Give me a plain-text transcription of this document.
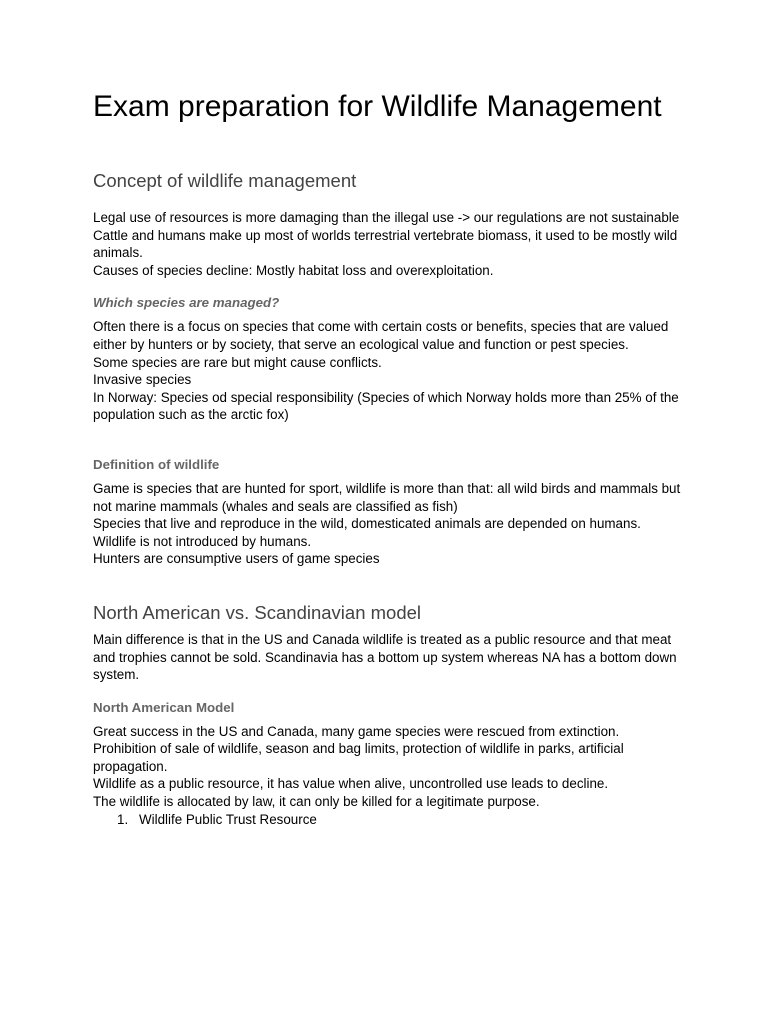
Exam preparation for Wildlife Management
Concept of wildlife management

Legal use of resources is more damaging than the illegal use -> our regulations are not sustainable

Cattle and humans make up most of worlds terrestrial vertebrate biomass, it used to be mostly wild animals.

Causes of species decline: Mostly habitat loss and overexploitation.

Which species are managed?

Often there is a focus on species that come with certain costs or benefits, species that are valued either by hunters or by society, that serve an ecological value and function or pest species.

Some species are rare but might cause conflicts.

Invasive species

In Norway: Species od special responsibility (Species of which Norway holds more than 25% of the population such as the arctic fox)

Definition of wildlife

Game is species that are hunted for sport, wildlife is more than that: all wild birds and mammals but not marine mammals (whales and seals are classified as fish)

Species that live and reproduce in the wild, domesticated animals are depended on humans.

Wildlife is not introduced by humans.

Hunters are consumptive users of game species

North American vs. Scandinavian model

Main difference is that in the US and Canada wildlife is treated as a public resource and that meat and trophies cannot be sold. Scandinavia has a bottom up system whereas NA has a bottom down system.

North American Model

Great success in the US and Canada, many game species were rescued from extinction.

Prohibition of sale of wildlife, season and bag limits, protection of wildlife in parks, artificial propagation.

Wildlife as a public resource, it has value when alive, uncontrolled use leads to decline.

The wildlife is allocated by law, it can only be killed for a legitimate purpose.

1. Wildlife Public Trust Resource
